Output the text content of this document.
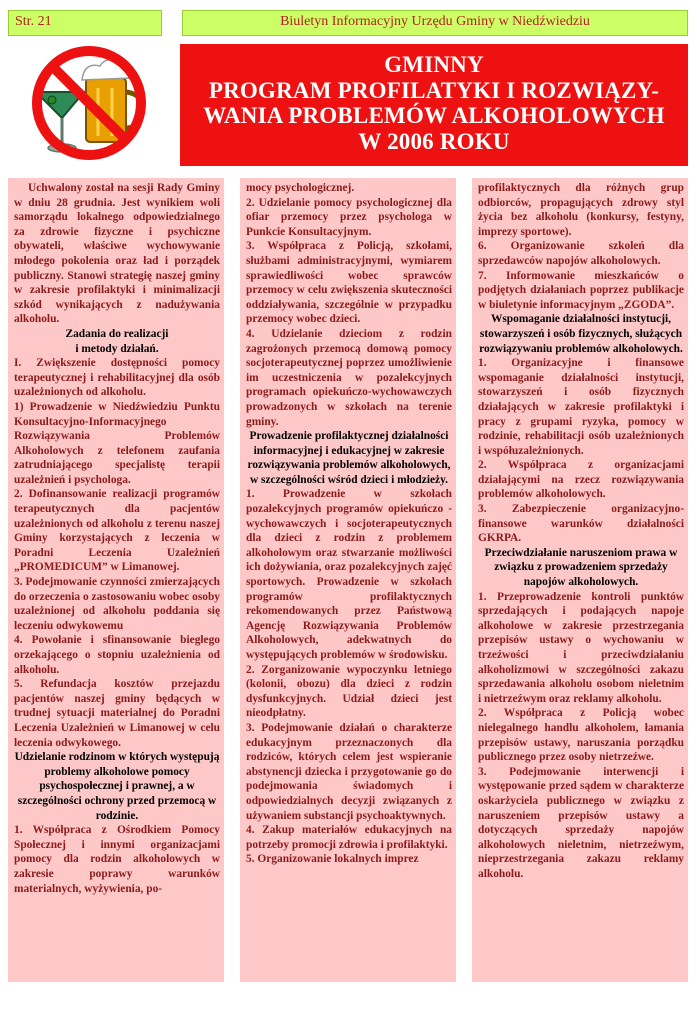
Str. 21	Biuletyn Informacyjny Urzędu Gminy w Niedźwiedziu
GMINNY
PROGRAM PROFILATYKI I ROZWIĄZY-
WANIA PROBLEMÓW ALKOHOLOWYCH
W 2006 ROKU

Uchwalony został na sesji Rady Gminy w dniu 28 grudnia. Jest wynikiem woli samorządu lokalnego odpowiedzialnego za zdrowie fizyczne i psychiczne obywateli, właściwe wychowywanie młodego pokolenia oraz ład i porządek publiczny. Stanowi strategię naszej gminy w zakresie profilaktyki i minimalizacji szkód wynikających z nadużywania alkoholu.

Zadania do realizacji

i metody działań.

I. Zwiększenie dostępności pomocy terapeutycznej i rehabilitacyjnej dla osób uzależnionych od alkoholu.

1) Prowadzenie w Niedźwiedziu Punktu Konsultacyjno-Informacyjnego Rozwiązywania Problemów Alkoholowych z telefonem zaufania zatrudniającego specjalistę terapii uzależnień i psychologa.

2. Dofinansowanie realizacji programów terapeutycznych dla pacjentów uzależnionych od alkoholu z terenu naszej Gminy korzystających z leczenia w Poradni Leczenia Uzależnień „PROMEDICUM” w Limanowej.

3. Podejmowanie czynności zmierzających do orzeczenia o zastosowaniu wobec osoby uzależnionej od alkoholu poddania się leczeniu odwykowemu

4. Powołanie i sfinansowanie biegłego orzekającego o stopniu uzależnienia od alkoholu.

5. Refundacja kosztów przejazdu pacjentów naszej gminy będących w trudnej sytuacji materialnej do Poradni Leczenia Uzależnień w Limanowej w celu leczenia odwykowego.

Udzielanie rodzinom w których występują problemy alkoholowe pomocy psychospołecznej i prawnej, a w szczególności ochrony przed przemocą w rodzinie.

1. Współpraca z Ośrodkiem Pomocy Społecznej i innymi organizacjami pomocy dla rodzin alkoholowych w zakresie poprawy warunków materialnych, wyżywienia, po-

mocy psychologicznej.

2. Udzielanie pomocy psychologicznej dla ofiar przemocy przez psychologa w Punkcie Konsultacyjnym.

3. Współpraca z Policją, szkołami, służbami administracyjnymi, wymiarem sprawiedliwości wobec sprawców przemocy w celu zwiększenia skuteczności oddziaływania, szczególnie w przypadku przemocy wobec dzieci.

4. Udzielanie dzieciom z rodzin zagrożonych przemocą domową pomocy socjoterapeutycznej poprzez umożliwienie im uczestniczenia w pozalekcyjnych programach opiekuńczo-wychowawczych prowadzonych w szkołach na terenie gminy.

Prowadzenie profilaktycznej działalności informacyjnej i edukacyjnej w zakresie rozwiązywania problemów alkoholowych, w szczególności wśród dzieci i młodzieży.

1. Prowadzenie w szkołach pozalekcyjnych programów opiekuńczo - wychowawczych i socjoterapeutycznych dla dzieci z rodzin z problemem alkoholowym oraz stwarzanie możliwości ich dożywiania, oraz pozalekcyjnych zajęć sportowych. Prowadzenie w szkołach programów profilaktycznych rekomendowanych przez Państwową Agencję Rozwiązywania Problemów Alkoholowych, adekwatnych do występujących problemów w środowisku.

2. Zorganizowanie wypoczynku letniego (kolonii, obozu) dla dzieci z rodzin dysfunkcyjnych. Udział dzieci jest nieodpłatny.

3. Podejmowanie działań o charakterze edukacyjnym przeznaczonych dla rodziców, których celem jest wspieranie abstynencji dziecka i przygotowanie go do podejmowania świadomych i odpowiedzialnych decyzji związanych z używaniem substancji psychoaktywnych.

4. Zakup materiałów edukacyjnych na potrzeby promocji zdrowia i profilaktyki.

5. Organizowanie lokalnych imprez

profilaktycznych dla różnych grup odbiorców, propagujących zdrowy styl życia bez alkoholu (konkursy, festyny, imprezy sportowe).

6. Organizowanie szkoleń dla sprzedawców napojów alkoholowych.

7. Informowanie mieszkańców o podjętych działaniach poprzez publikacje w biuletynie informacyjnym „ZGODA”.

Wspomaganie działalności instytucji, stowarzyszeń i osób fizycznych, służących rozwiązywaniu problemów alkoholowych.

1. Organizacyjne i finansowe wspomaganie działalności instytucji, stowarzyszeń i osób fizycznych działających w zakresie profilaktyki i pracy z grupami ryzyka, pomocy w rodzinie, rehabilitacji osób uzależnionych i współuzależnionych.

2. Współpraca z organizacjami działającymi na rzecz rozwiązywania problemów alkoholowych.

3. Zabezpieczenie organizacyjno-finansowe warunków działalności GKRPA.

Przeciwdziałanie naruszeniom prawa w związku z prowadzeniem sprzedaży napojów alkoholowych.

1. Przeprowadzenie kontroli punktów sprzedających i podających napoje alkoholowe w zakresie przestrzegania przepisów ustawy o wychowaniu w trzeźwości i przeciwdziałaniu alkoholizmowi w szczególności zakazu sprzedawania alkoholu osobom nieletnim i nietrzeźwym oraz reklamy alkoholu.

2. Współpraca z Policją wobec nielegalnego handlu alkoholem, łamania przepisów ustawy, naruszania porządku publicznego przez osoby nietrzeźwe.

3. Podejmowanie interwencji i występowanie przed sądem w charakterze oskarżyciela publicznego w związku z naruszeniem przepisów ustawy a dotyczących sprzedaży napojów alkoholowych nieletnim, nietrzeźwym, nieprzestrzegania zakazu reklamy alkoholu.
